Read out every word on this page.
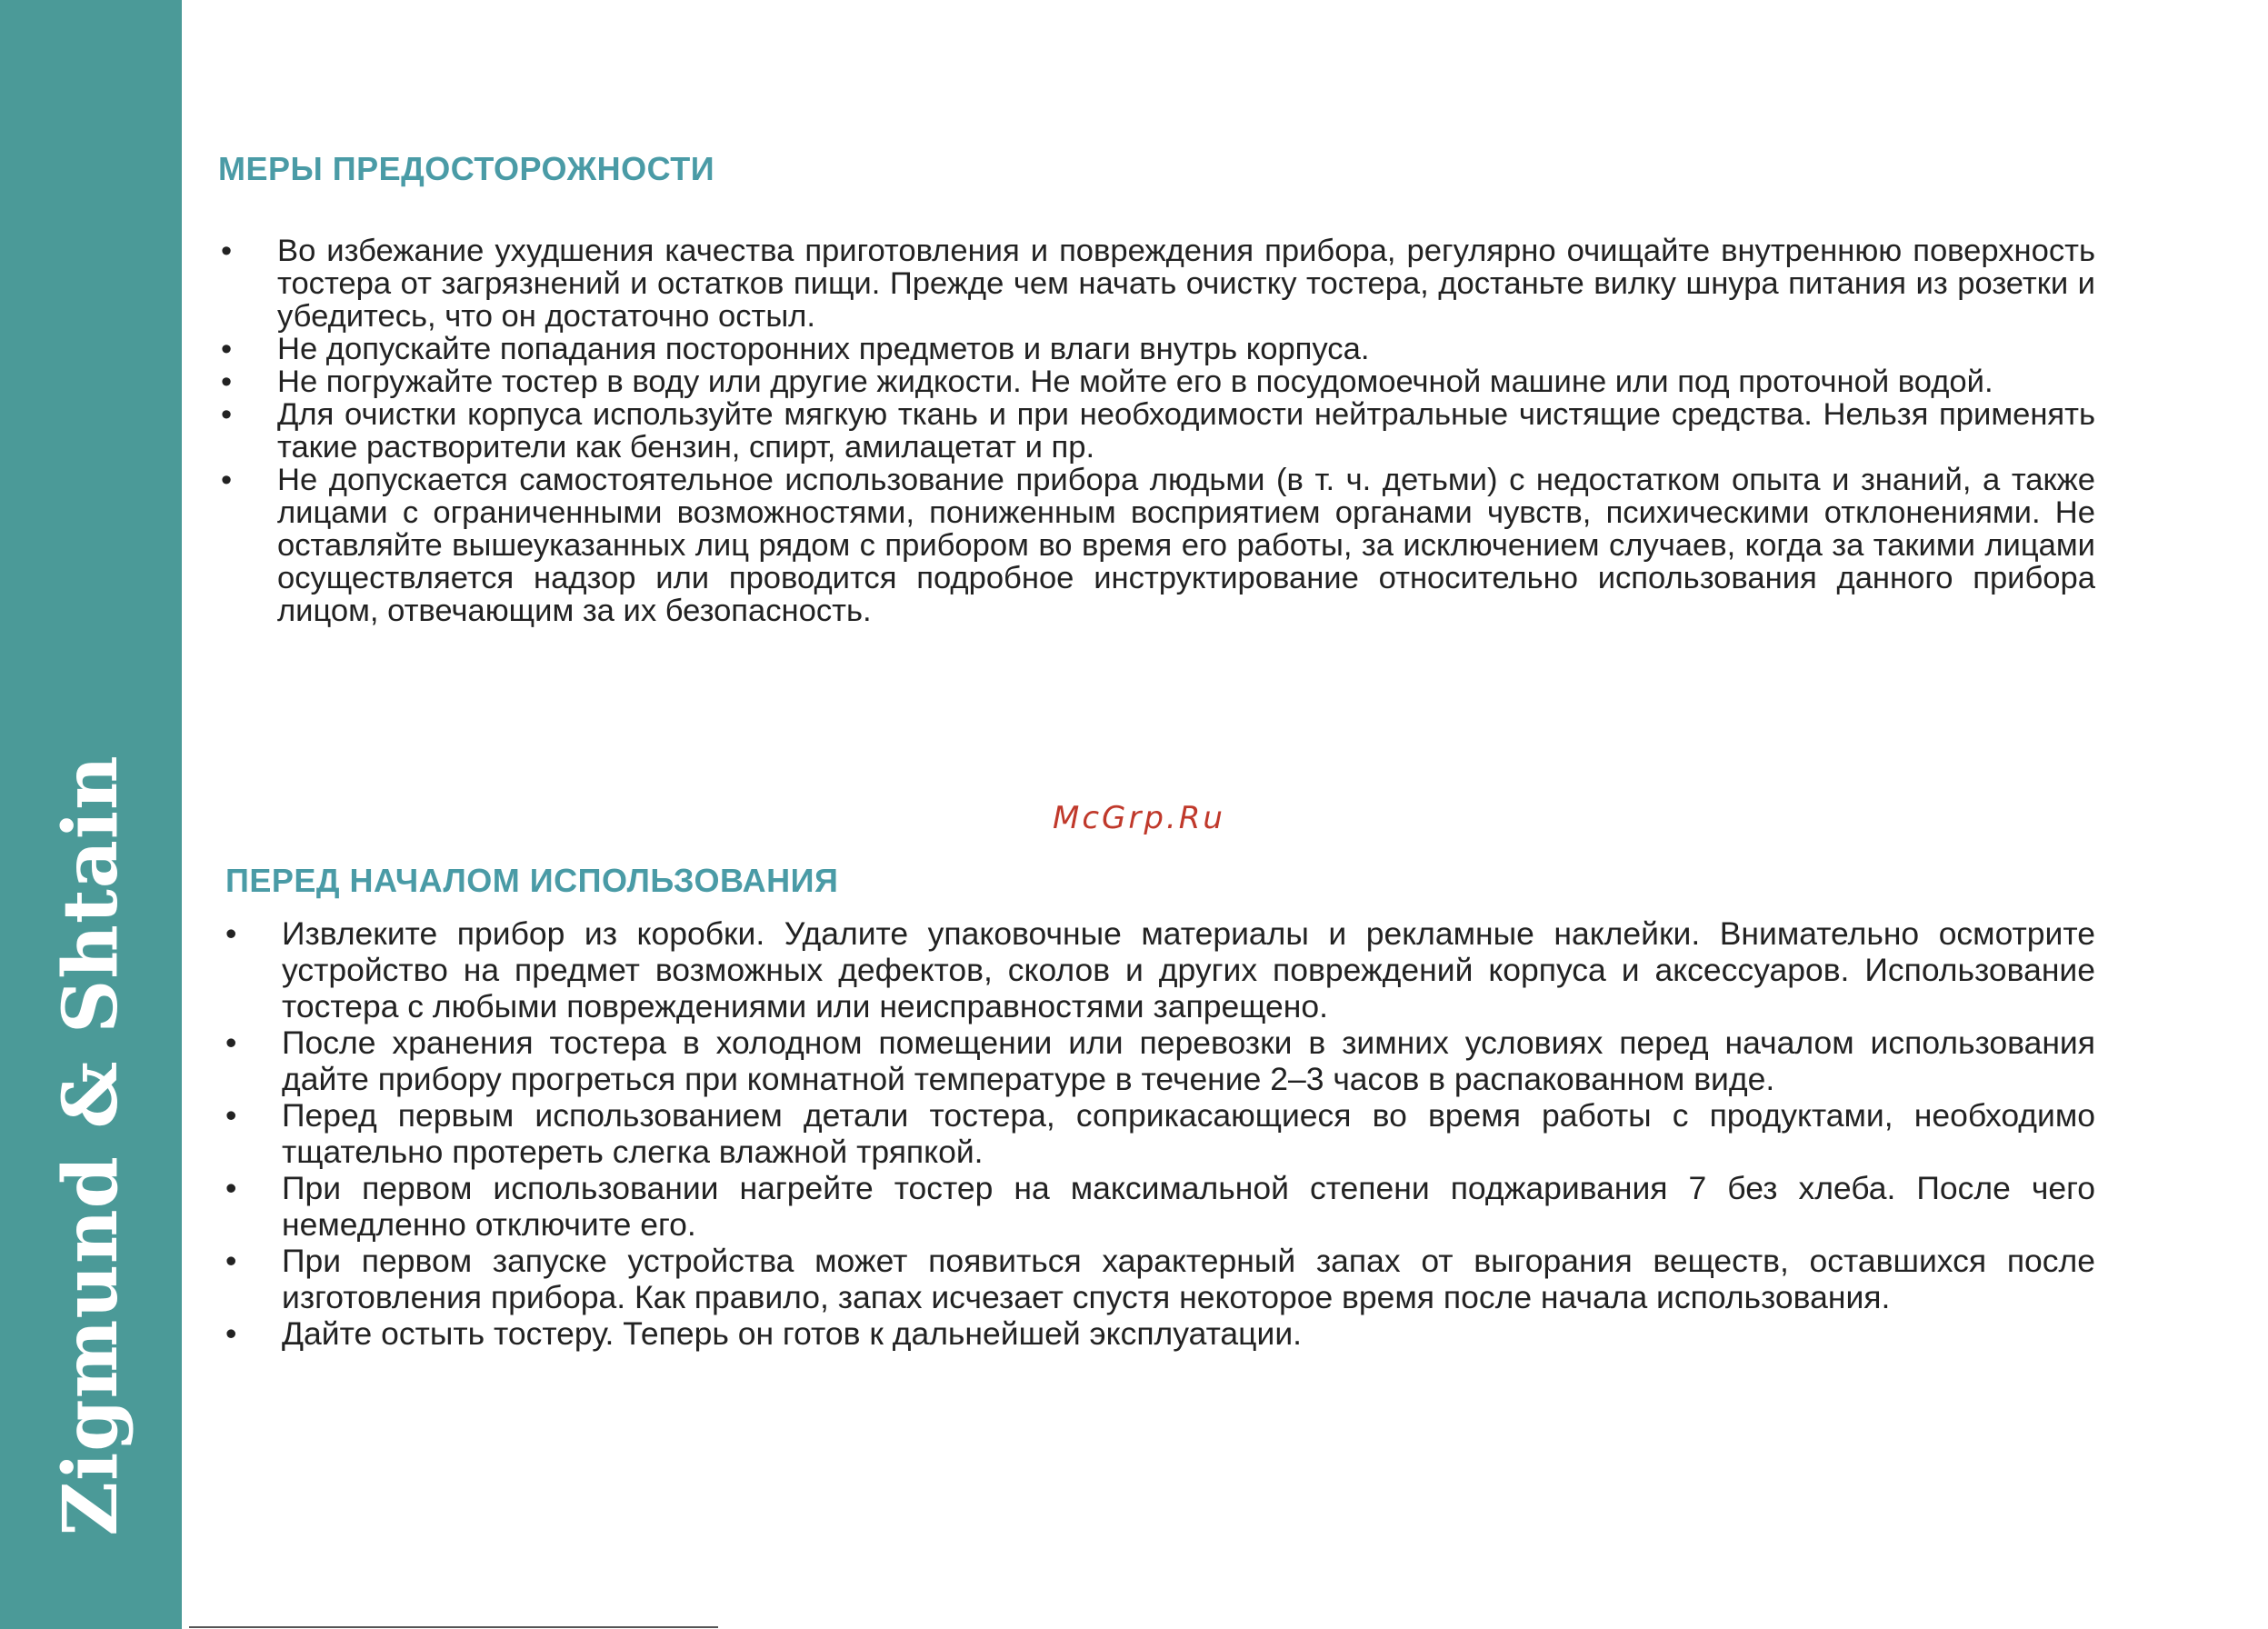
Zigmund & Shtain
МЕРЫ ПРЕДОСТОРОЖНОСТИ
•	Во избежание ухудшения качества приготовления и повреждения прибора, регулярно очищайте внутреннюю поверхность тостера от загрязнений и остатков пищи. Прежде чем начать очистку тостера, достаньте вилку шнура питания из розетки и убедитесь, что он достаточно остыл.
•	Не допускайте попадания посторонних предметов и влаги внутрь корпуса.
•	Не погружайте тостер в воду или другие жидкости. Не мойте его в посудомоечной машине или под проточной водой.
•	Для очистки корпуса используйте мягкую ткань и при необходимости нейтральные чистящие средства. Нельзя применять такие растворители как бензин, спирт, амилацетат и пр.
•	Не допускается самостоятельное использование прибора людьми (в т. ч. детьми) с недостатком опыта и знаний, а также лицами с ограниченными возможностями, пониженным восприятием органами чувств, психическими отклонениями. Не оставляйте вышеуказанных лиц рядом с прибором во время его работы, за исключением случаев, когда за такими лицами осуществляется надзор или проводится подробное инструктирование относительно использования данного прибора лицом, отвечающим за их безопасность.
McGrp.Ru
ПЕРЕД НАЧАЛОМ ИСПОЛЬЗОВАНИЯ
•	Извлеките прибор из коробки. Удалите упаковочные материалы и рекламные наклейки. Внимательно осмотрите устройство на предмет возможных дефектов, сколов и других повреждений корпуса и аксессуаров. Использование тостера с любыми повреждениями или неисправностями запрещено.
•	После хранения тостера в холодном помещении или перевозки в зимних условиях перед началом использования дайте прибору прогреться при комнатной температуре в течение 2–3 часов в распакованном виде.
•	Перед первым использованием детали тостера, соприкасающиеся во время работы с продуктами, необходимо тщательно протереть слегка влажной тряпкой.
•	При первом использовании нагрейте тостер на максимальной степени поджаривания 7 без хлеба. После чего немедленно отключите его.
•	При первом запуске устройства может появиться характерный запах от выгорания веществ, оставшихся после изготовления прибора. Как правило, запах исчезает спустя некоторое время после начала использования.
•	Дайте остыть тостеру. Теперь он готов к дальнейшей эксплуатации.
